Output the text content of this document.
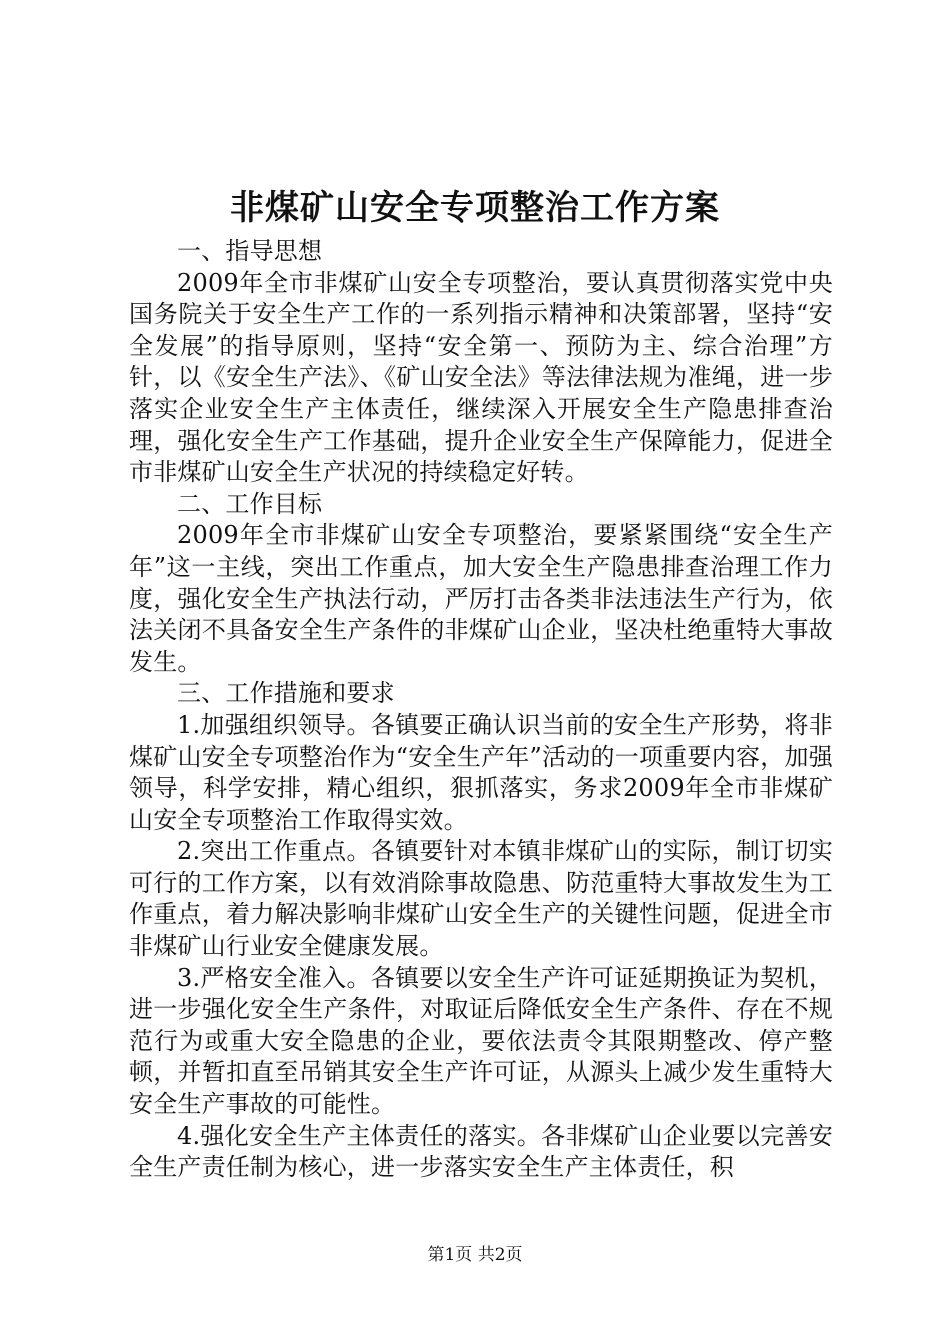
非煤矿山安全专项整治工作方案

一、指导思想

2009年全市非煤矿山安全专项整治，要认真贯彻落实党中央国务院关于安全生产工作的一系列指示精神和决策部署，坚持“安全发展”的指导原则，坚持“安全第一、预防为主、综合治理”方针，以《安全生产法》、《矿山安全法》等法律法规为准绳，进一步落实企业安全生产主体责任，继续深入开展安全生产隐患排查治理，强化安全生产工作基础，提升企业安全生产保障能力，促进全市非煤矿山安全生产状况的持续稳定好转。

二、工作目标

2009年全市非煤矿山安全专项整治，要紧紧围绕“安全生产年”这一主线，突出工作重点，加大安全生产隐患排查治理工作力度，强化安全生产执法行动，严厉打击各类非法违法生产行为，依法关闭不具备安全生产条件的非煤矿山企业，坚决杜绝重特大事故发生。

三、工作措施和要求

1.加强组织领导。各镇要正确认识当前的安全生产形势，将非煤矿山安全专项整治作为“安全生产年”活动的一项重要内容，加强领导，科学安排，精心组织，狠抓落实，务求2009年全市非煤矿山安全专项整治工作取得实效。

2.突出工作重点。各镇要针对本镇非煤矿山的实际，制订切实可行的工作方案，以有效消除事故隐患、防范重特大事故发生为工作重点，着力解决影响非煤矿山安全生产的关键性问题，促进全市非煤矿山行业安全健康发展。

3.严格安全准入。各镇要以安全生产许可证延期换证为契机，进一步强化安全生产条件，对取证后降低安全生产条件、存在不规范行为或重大安全隐患的企业，要依法责令其限期整改、停产整顿，并暂扣直至吊销其安全生产许可证，从源头上减少发生重特大安全生产事故的可能性。

4.强化安全生产主体责任的落实。各非煤矿山企业要以完善安全生产责任制为核心，进一步落实安全生产主体责任，积

第1页 共2页
